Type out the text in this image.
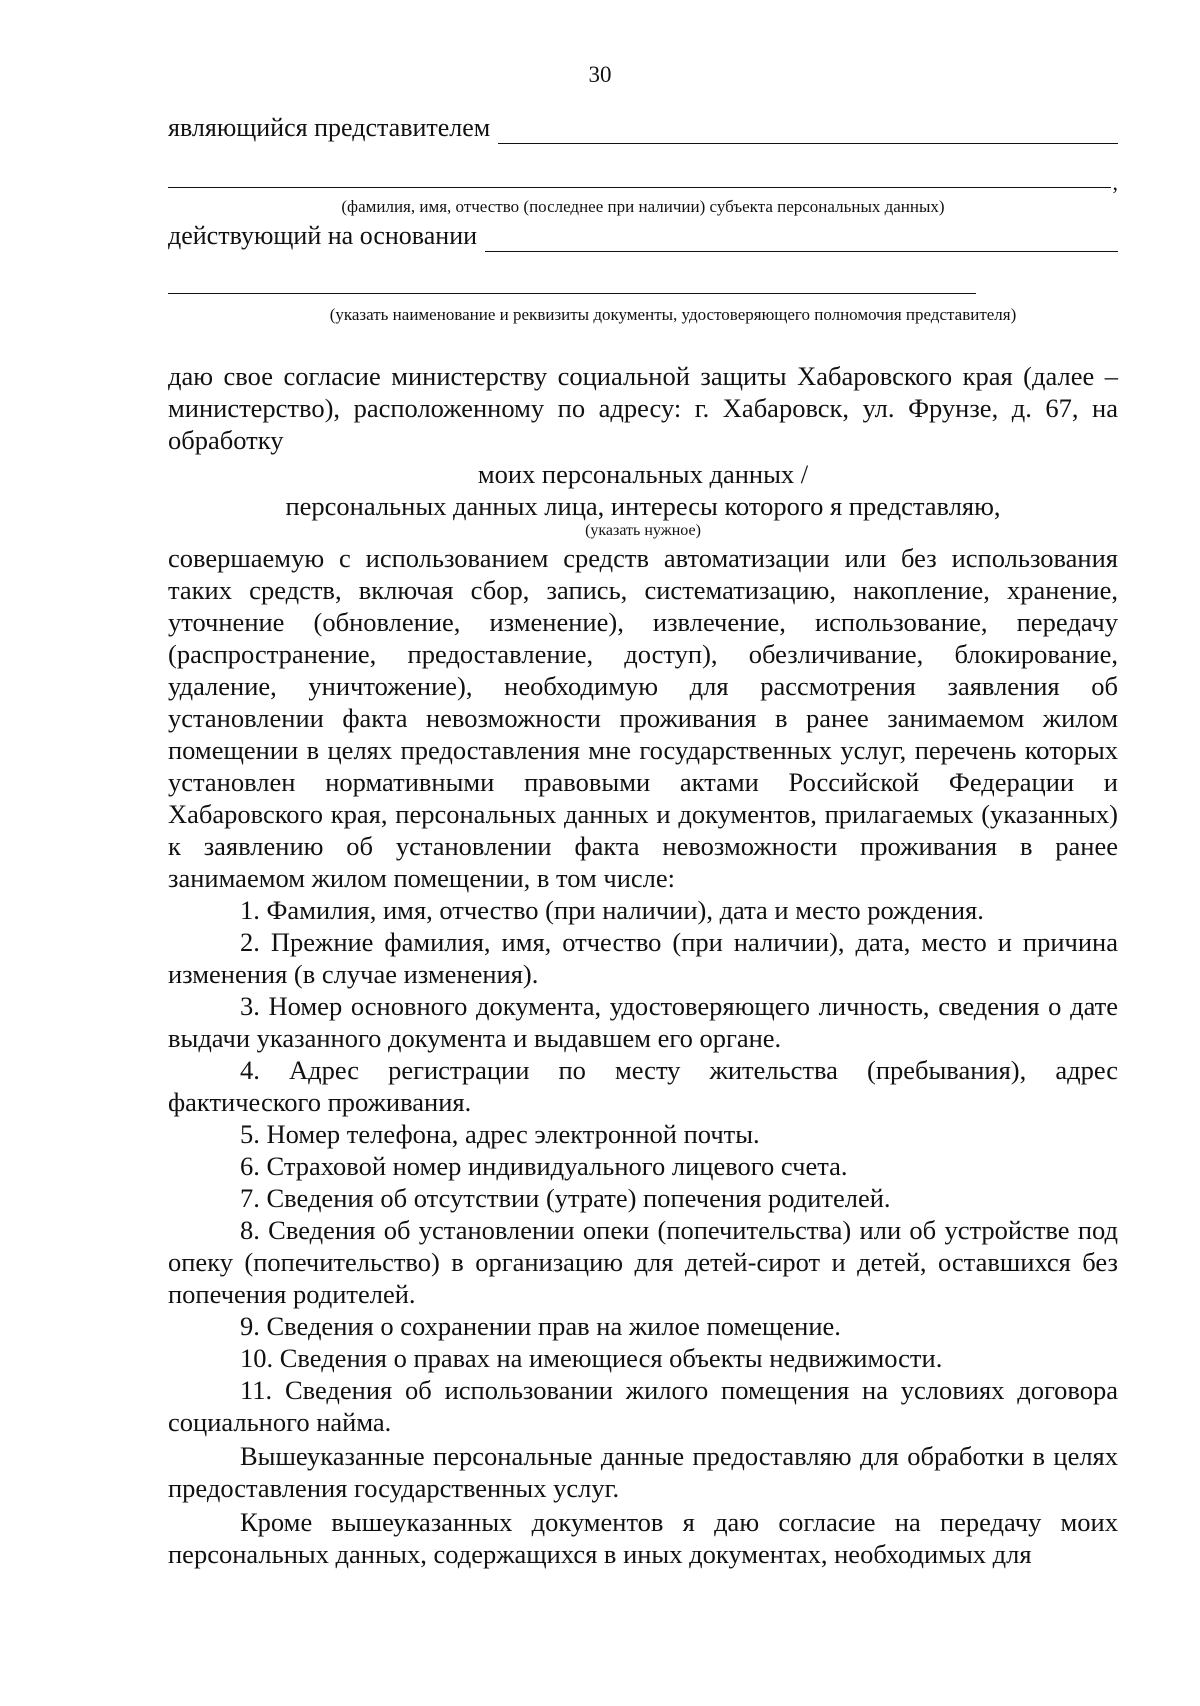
30
являющийся представителем
,
(фамилия, имя, отчество (последнее при наличии) субъекта персональных данных)
действующий на основании
(указать наименование и реквизиты документы, удостоверяющего полномочия представителя)
даю свое согласие министерству социальной защиты Хабаровского края (далее – министерство), расположенному по адресу: г. Хабаровск, ул. Фрунзе, д. 67, на обработку
моих персональных данных /
персональных данных лица, интересы которого я представляю,
(указать нужное)
совершаемую с использованием средств автоматизации или без использования таких средств, включая сбор, запись, систематизацию, накопление, хранение, уточнение (обновление, изменение), извлечение, использование, передачу (распространение, предоставление, доступ), обезличивание, блокирование, удаление, уничтожение), необходимую для рассмотрения заявления об установлении факта невозможности проживания в ранее занимаемом жилом помещении в целях предоставления мне государственных услуг, перечень которых установлен нормативными правовыми актами Российской Федерации и Хабаровского края, персональных данных и документов, прилагаемых (указанных) к заявлению об установлении факта невозможности проживания в ранее занимаемом жилом помещении, в том числе:
1. Фамилия, имя, отчество (при наличии), дата и место рождения.
2. Прежние фамилия, имя, отчество (при наличии), дата, место и причина изменения (в случае изменения).
3. Номер основного документа, удостоверяющего личность, сведения о дате выдачи указанного документа и выдавшем его органе.
4. Адрес регистрации по месту жительства (пребывания), адрес фактического проживания.
5. Номер телефона, адрес электронной почты.
6. Страховой номер индивидуального лицевого счета.
7. Сведения об отсутствии (утрате) попечения родителей.
8. Сведения об установлении опеки (попечительства) или об устройстве под опеку (попечительство) в организацию для детей-сирот и детей, оставшихся без попечения родителей.
9. Сведения о сохранении прав на жилое помещение.
10. Сведения о правах на имеющиеся объекты недвижимости.
11. Сведения об использовании жилого помещения на условиях договора социального найма.
Вышеуказанные персональные данные предоставляю для обработки в целях предоставления государственных услуг.
Кроме вышеуказанных документов я даю согласие на передачу моих персональных данных, содержащихся в иных документах, необходимых для
